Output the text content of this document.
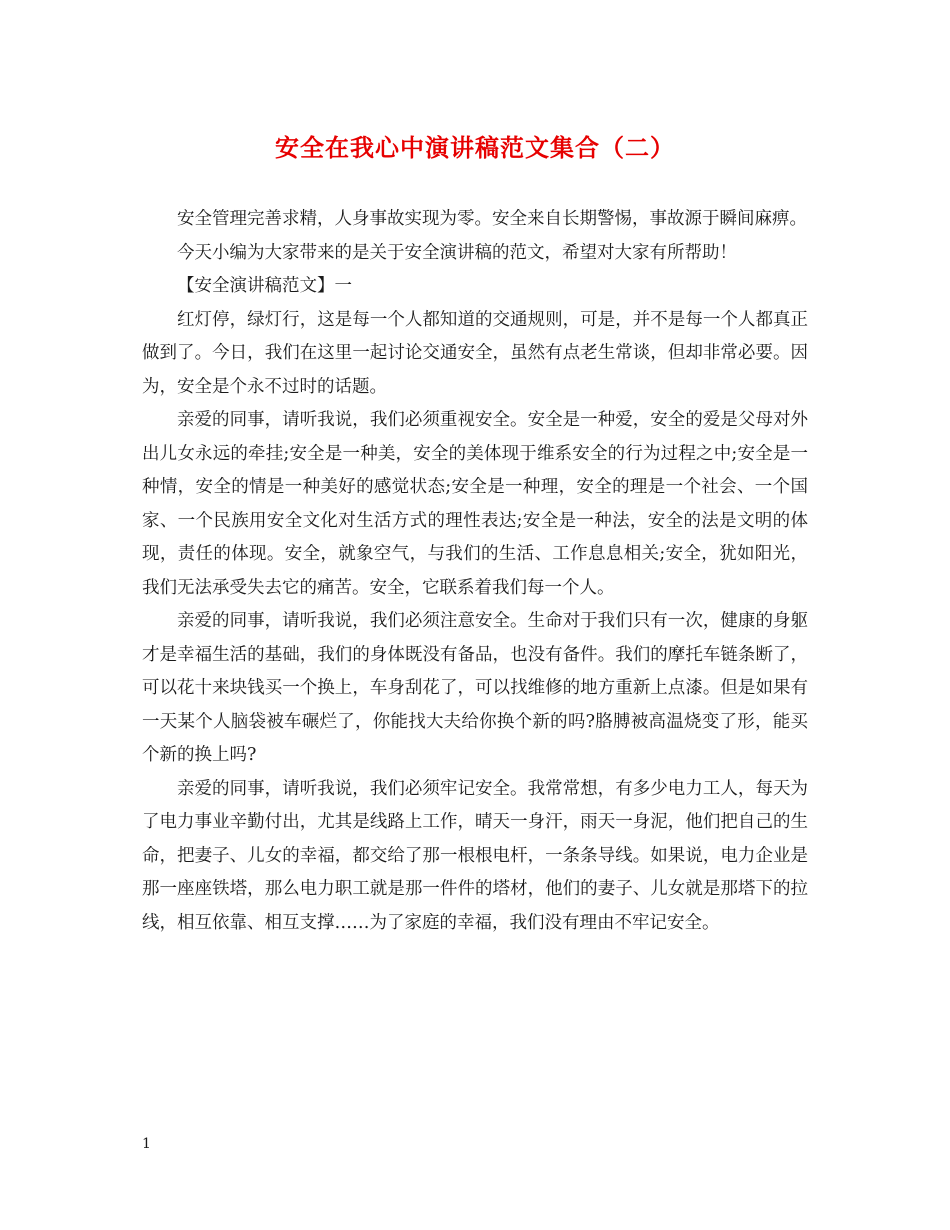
安全在我心中演讲稿范文集合（二）

安全管理完善求精，人身事故实现为零。安全来自长期警惕，事故源于瞬间麻痹。

今天小编为大家带来的是关于安全演讲稿的范文，希望对大家有所帮助！

【安全演讲稿范文】一

红灯停，绿灯行，这是每一个人都知道的交通规则，可是，并不是每一个人都真正做到了。今日，我们在这里一起讨论交通安全，虽然有点老生常谈，但却非常必要。因为，安全是个永不过时的话题。

亲爱的同事，请听我说，我们必须重视安全。安全是一种爱，安全的爱是父母对外出儿女永远的牵挂;安全是一种美，安全的美体现于维系安全的行为过程之中;安全是一种情，安全的情是一种美好的感觉状态;安全是一种理，安全的理是一个社会、一个国家、一个民族用安全文化对生活方式的理性表达;安全是一种法，安全的法是文明的体现，责任的体现。安全，就象空气，与我们的生活、工作息息相关;安全，犹如阳光，我们无法承受失去它的痛苦。安全，它联系着我们每一个人。

亲爱的同事，请听我说，我们必须注意安全。生命对于我们只有一次，健康的身躯才是幸福生活的基础，我们的身体既没有备品，也没有备件。我们的摩托车链条断了，可以花十来块钱买一个换上，车身刮花了，可以找维修的地方重新上点漆。但是如果有一天某个人脑袋被车碾烂了，你能找大夫给你换个新的吗?胳膊被高温烧变了形，能买个新的换上吗?

亲爱的同事，请听我说，我们必须牢记安全。我常常想，有多少电力工人，每天为了电力事业辛勤付出，尤其是线路上工作，晴天一身汗，雨天一身泥，他们把自己的生命，把妻子、儿女的幸福，都交给了那一根根电杆，一条条导线。如果说，电力企业是那一座座铁塔，那么电力职工就是那一件件的塔材，他们的妻子、儿女就是那塔下的拉线，相互依靠、相互支撑……为了家庭的幸福，我们没有理由不牢记安全。

1
